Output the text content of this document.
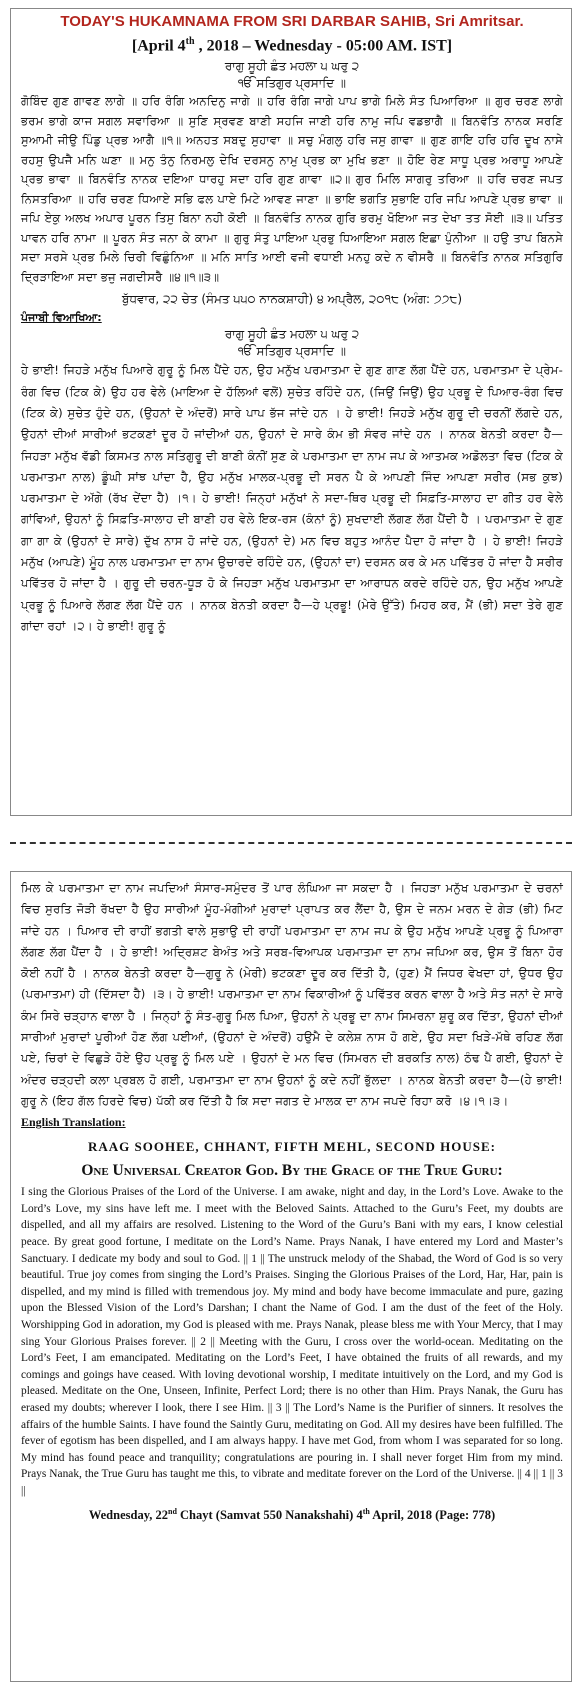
TODAY'S HUKAMNAMA FROM SRI DARBAR SAHIB, Sri Amritsar.
[April 4th , 2018 – Wednesday - 05:00 AM. IST]
ਰਾਗੁ ਸੂਹੀ ਛੰਤ ਮਹਲਾ ੫ ਘਰੁ ੨
ੴ ਸਤਿਗੁਰ ਪ੍ਰਸਾਦਿ ॥
ਗੋਬਿੰਦ ਗੁਣ ਗਾਵਣ ਲਾਗੇ ॥ ਹਰਿ ਰੰਗਿ ਅਨਦਿਨੁ ਜਾਗੇ ॥ ਹਰਿ ਰੰਗਿ ਜਾਗੇ ਪਾਪ ਭਾਗੇ ਮਿਲੇ ਸੰਤ ਪਿਆਰਿਆ ॥ ਗੁਰ ਚਰਣ ਲਾਗੇ ਭਰਮ ਭਾਗੇ ਕਾਜ ਸਗਲ ਸਵਾਰਿਆ ॥ ਸੁਣਿ ਸ੍ਰਵਣ ਬਾਣੀ ਸਹਜਿ ਜਾਣੀ ਹਰਿ ਨਾਮੁ ਜਪਿ ਵਡਭਾਗੈ ॥ ਬਿਨਵੰਤਿ ਨਾਨਕ ਸਰਣਿ ਸੁਆਮੀ ਜੀਉ ਪਿੰਡੁ ਪ੍ਰਭ ਆਗੈ ॥੧॥ ਅਨਹਤ ਸਬਦੁ ਸੁਹਾਵਾ ॥ ਸਚੁ ਮੰਗਲੁ ਹਰਿ ਜਸੁ ਗਾਵਾ ॥ ਗੁਣ ਗਾਇ ਹਰਿ ਹਰਿ ਦੂਖ ਨਾਸੇ ਰਹਸੁ ਉਪਜੈ ਮਨਿ ਘਣਾ ॥ ਮਨੁ ਤੰਨੁ ਨਿਰਮਲੁ ਦੇਖਿ ਦਰਸਨੁ ਨਾਮੁ ਪ੍ਰਭ ਕਾ ਮੁਖਿ ਭਣਾ ॥ ਹੋਇ ਰੇਣ ਸਾਧੂ ਪ੍ਰਭ ਅਰਾਧੂ ਆਪਣੇ ਪ੍ਰਭ ਭਾਵਾ ॥ ਬਿਨਵੰਤਿ ਨਾਨਕ ਦਇਆ ਧਾਰਹੁ ਸਦਾ ਹਰਿ ਗੁਣ ਗਾਵਾ ॥੨॥ ਗੁਰ ਮਿਲਿ ਸਾਗਰੁ ਤਰਿਆ ॥ ਹਰਿ ਚਰਣ ਜਪਤ ਨਿਸਤਰਿਆ ॥ ਹਰਿ ਚਰਣ ਧਿਆਏ ਸਭਿ ਫਲ ਪਾਏ ਮਿਟੇ ਆਵਣ ਜਾਣਾ ॥ ਭਾਇ ਭਗਤਿ ਸੁਭਾਇ ਹਰਿ ਜਪਿ ਆਪਣੇ ਪ੍ਰਭ ਭਾਵਾ ॥ ਜਪਿ ਏਕੁ ਅਲਖ ਅਪਾਰ ਪੂਰਨ ਤਿਸੁ ਬਿਨਾ ਨਹੀ ਕੋਈ ॥ ਬਿਨਵੰਤਿ ਨਾਨਕ ਗੁਰਿ ਭਰਮੁ ਖੋਇਆ ਜਤ ਦੇਖਾ ਤਤ ਸੋਈ ॥੩॥ ਪਤਿਤ ਪਾਵਨ ਹਰਿ ਨਾਮਾ ॥ ਪੂਰਨ ਸੰਤ ਜਨਾ ਕੇ ਕਾਮਾ ॥ ਗੁਰੁ ਸੰਤੁ ਪਾਇਆ ਪ੍ਰਭੁ ਧਿਆਇਆ ਸਗਲ ਇਛਾ ਪੁੰਨੀਆ ॥ ਹਉ ਤਾਪ ਬਿਨਸੇ ਸਦਾ ਸਰਸੇ ਪ੍ਰਭ ਮਿਲੇ ਚਿਰੀ ਵਿਛੁੰਨਿਆ ॥ ਮਨਿ ਸਾਤਿ ਆਈ ਵਜੀ ਵਧਾਈ ਮਨਹੁ ਕਦੇ ਨ ਵੀਸਰੈ ॥ ਬਿਨਵੰਤਿ ਨਾਨਕ ਸਤਿਗੁਰਿ ਦ੍ਰਿੜਾਇਆ ਸਦਾ ਭਜੁ ਜਗਦੀਸਰੈ ॥੪॥੧॥੩॥
ਬੁੱਧਵਾਰ, ੨੨ ਚੇਤ (ਸੰਮਤ ੫੫੦ ਨਾਨਕਸ਼ਾਹੀ) ੪ ਅਪ੍ਰੈਲ, ੨੦੧੮ (ਅੰਗ: ੭੭੮)
ਪੰਜਾਬੀ ਵਿਆਖਿਆ:
ਰਾਗੁ ਸੂਹੀ ਛੰਤ ਮਹਲਾ ੫ ਘਰੁ ੨
ੴ ਸਤਿਗੁਰ ਪ੍ਰਸਾਦਿ ॥
ਹੇ ਭਾਈ! ਜਿਹੜੇ ਮਨੁੱਖ ਪਿਆਰੇ ਗੁਰੂ ਨੂੰ ਮਿਲ ਪੈਂਦੇ ਹਨ, ਉਹ ਮਨੁੱਖ ਪਰਮਾਤਮਾ ਦੇ ਗੁਣ ਗਾਣ ਲੱਗ ਪੈਂਦੇ ਹਨ, ਪਰਮਾਤਮਾ ਦੇ ਪ੍ਰੇਮ-ਰੰਗ ਵਿਚ (ਟਿਕ ਕੇ) ਉਹ ਹਰ ਵੇਲੇ (ਮਾਇਆ ਦੇ ਹੱਲਿਆਂ ਵਲੋਂ) ਸੁਚੇਤ ਰਹਿੰਦੇ ਹਨ, (ਜਿਉਂ ਜਿਉਂ) ਉਹ ਪ੍ਰਭੂ ਦੇ ਪਿਆਰ-ਰੰਗ ਵਿਚ (ਟਿਕ ਕੇ) ਸੁਚੇਤ ਹੁੰਦੇ ਹਨ, (ਉਹਨਾਂ ਦੇ ਅੰਦਰੋਂ) ਸਾਰੇ ਪਾਪ ਭੱਜ ਜਾਂਦੇ ਹਨ । ਹੇ ਭਾਈ! ਜਿਹੜੇ ਮਨੁੱਖ ਗੁਰੂ ਦੀ ਚਰਨੀਂ ਲੱਗਦੇ ਹਨ, ਉਹਨਾਂ ਦੀਆਂ ਸਾਰੀਆਂ ਭਟਕਣਾਂ ਦੂਰ ਹੋ ਜਾਂਦੀਆਂ ਹਨ, ਉਹਨਾਂ ਦੇ ਸਾਰੇ ਕੰਮ ਭੀ ਸੰਵਰ ਜਾਂਦੇ ਹਨ । ਨਾਨਕ ਬੇਨਤੀ ਕਰਦਾ ਹੈ—ਜਿਹੜਾ ਮਨੁੱਖ ਵੱਡੀ ਕਿਸਮਤ ਨਾਲ ਸਤਿਗੁਰੂ ਦੀ ਬਾਣੀ ਕੰਨੀਂ ਸੁਣ ਕੇ ਪਰਮਾਤਮਾ ਦਾ ਨਾਮ ਜਪ ਕੇ ਆਤਮਕ ਅਡੋਲਤਾ ਵਿਚ (ਟਿਕ ਕੇ ਪਰਮਾਤਮਾ ਨਾਲ) ਡੂੰਘੀ ਸਾਂਝ ਪਾਂਦਾ ਹੈ, ਉਹ ਮਨੁੱਖ ਮਾਲਕ-ਪ੍ਰਭੂ ਦੀ ਸਰਨ ਪੈ ਕੇ ਆਪਣੀ ਜਿੰਦ ਆਪਣਾ ਸਰੀਰ (ਸਭ ਕੁਝ) ਪਰਮਾਤਮਾ ਦੇ ਅੱਗੇ (ਰੱਖ ਦੇਂਦਾ ਹੈ) ।੧। ਹੇ ਭਾਈ! ਜਿਨ੍ਹਾਂ ਮਨੁੱਖਾਂ ਨੇ ਸਦਾ-ਥਿਰ ਪ੍ਰਭੂ ਦੀ ਸਿਫ਼ਤਿ-ਸਾਲਾਹ ਦਾ ਗੀਤ ਹਰ ਵੇਲੇ ਗਾਂਵਿਆਂ, ਉਹਨਾਂ ਨੂੰ ਸਿਫ਼ਤਿ-ਸਾਲਾਹ ਦੀ ਬਾਣੀ ਹਰ ਵੇਲੇ ਇਕ-ਰਸ (ਕੰਨਾਂ ਨੂੰ) ਸੁਖਦਾਈ ਲੱਗਣ ਲੱਗ ਪੈਂਦੀ ਹੈ । ਪਰਮਾਤਮਾ ਦੇ ਗੁਣ ਗਾ ਗਾ ਕੇ (ਉਹਨਾਂ ਦੇ ਸਾਰੇ) ਦੁੱਖ ਨਾਸ ਹੋ ਜਾਂਦੇ ਹਨ, (ਉਹਨਾਂ ਦੇ) ਮਨ ਵਿਚ ਬਹੁਤ ਆਨੰਦ ਪੈਦਾ ਹੋ ਜਾਂਦਾ ਹੈ । ਹੇ ਭਾਈ! ਜਿਹੜੇ ਮਨੁੱਖ (ਆਪਣੇ) ਮੂੰਹ ਨਾਲ ਪਰਮਾਤਮਾ ਦਾ ਨਾਮ ਉਚਾਰਦੇ ਰਹਿੰਦੇ ਹਨ, (ਉਹਨਾਂ ਦਾ) ਦਰਸਨ ਕਰ ਕੇ ਮਨ ਪਵਿੱਤਰ ਹੋ ਜਾਂਦਾ ਹੈ ਸਰੀਰ ਪਵਿੱਤਰ ਹੋ ਜਾਂਦਾ ਹੈ । ਗੁਰੂ ਦੀ ਚਰਨ-ਧੂੜ ਹੋ ਕੇ ਜਿਹੜਾ ਮਨੁੱਖ ਪਰਮਾਤਮਾ ਦਾ ਆਰਾਧਨ ਕਰਦੇ ਰਹਿੰਦੇ ਹਨ, ਉਹ ਮਨੁੱਖ ਆਪਣੇ ਪ੍ਰਭੂ ਨੂੰ ਪਿਆਰੇ ਲੱਗਣ ਲੱਗ ਪੈਂਦੇ ਹਨ । ਨਾਨਕ ਬੇਨਤੀ ਕਰਦਾ ਹੈ—ਹੇ ਪ੍ਰਭੂ! (ਮੇਰੇ ਉੱਤੇ) ਮਿਹਰ ਕਰ, ਮੈਂ (ਭੀ) ਸਦਾ ਤੇਰੇ ਗੁਣ ਗਾਂਦਾ ਰਹਾਂ ।੨। ਹੇ ਭਾਈ! ਗੁਰੂ ਨੂੰ
ਮਿਲ ਕੇ ਪਰਮਾਤਮਾ ਦਾ ਨਾਮ ਜਪਦਿਆਂ ਸੰਸਾਰ-ਸਮੁੰਦਰ ਤੋਂ ਪਾਰ ਲੰਘਿਆ ਜਾ ਸਕਦਾ ਹੈ । ਜਿਹੜਾ ਮਨੁੱਖ ਪਰਮਾਤਮਾ ਦੇ ਚਰਨਾਂ ਵਿਚ ਸੁਰਤਿ ਜੋੜੀ ਰੱਖਦਾ ਹੈ ਉਹ ਸਾਰੀਆਂ ਮੂੰਹ-ਮੰਗੀਆਂ ਮੁਰਾਦਾਂ ਪ੍ਰਾਪਤ ਕਰ ਲੈਂਦਾ ਹੈ, ਉਸ ਦੇ ਜਨਮ ਮਰਨ ਦੇ ਗੇੜ (ਭੀ) ਮਿਟ ਜਾਂਦੇ ਹਨ । ਪਿਆਰ ਦੀ ਰਾਹੀਂ ਭਗਤੀ ਵਾਲੇ ਸੁਭਾਉ ਦੀ ਰਾਹੀਂ ਪਰਮਾਤਮਾ ਦਾ ਨਾਮ ਜਪ ਕੇ ਉਹ ਮਨੁੱਖ ਆਪਣੇ ਪ੍ਰਭੂ ਨੂੰ ਪਿਆਰਾ ਲੱਗਣ ਲੱਗ ਪੈਂਦਾ ਹੈ । ਹੇ ਭਾਈ! ਅਦ੍ਰਿਸ਼ਟ ਬੇਅੰਤ ਅਤੇ ਸਰਬ-ਵਿਆਪਕ ਪਰਮਾਤਮਾ ਦਾ ਨਾਮ ਜਪਿਆ ਕਰ, ਉਸ ਤੋਂ ਬਿਨਾ ਹੋਰ ਕੋਈ ਨਹੀਂ ਹੈ । ਨਾਨਕ ਬੇਨਤੀ ਕਰਦਾ ਹੈ—ਗੁਰੂ ਨੇ (ਮੇਰੀ) ਭਟਕਣਾ ਦੂਰ ਕਰ ਦਿੱਤੀ ਹੈ, (ਹੁਣ) ਮੈਂ ਜਿਧਰ ਵੇਖਦਾ ਹਾਂ, ਉਧਰ ਉਹ (ਪਰਮਾਤਮਾ) ਹੀ (ਦਿੱਸਦਾ ਹੈ) ।੩। ਹੇ ਭਾਈ! ਪਰਮਾਤਮਾ ਦਾ ਨਾਮ ਵਿਕਾਰੀਆਂ ਨੂੰ ਪਵਿੱਤਰ ਕਰਨ ਵਾਲਾ ਹੈ ਅਤੇ ਸੰਤ ਜਨਾਂ ਦੇ ਸਾਰੇ ਕੰਮ ਸਿਰੇ ਚੜ੍ਹਾਨ ਵਾਲਾ ਹੈ । ਜਿਨ੍ਹਾਂ ਨੂੰ ਸੰਤ-ਗੁਰੂ ਮਿਲ ਪਿਆ, ਉਹਨਾਂ ਨੇ ਪ੍ਰਭੂ ਦਾ ਨਾਮ ਸਿਮਰਨਾ ਸ਼ੁਰੂ ਕਰ ਦਿੱਤਾ, ਉਹਨਾਂ ਦੀਆਂ ਸਾਰੀਆਂ ਮੁਰਾਦਾਂ ਪੂਰੀਆਂ ਹੋਣ ਲੱਗ ਪਈਆਂ, (ਉਹਨਾਂ ਦੇ ਅੰਦਰੋਂ) ਹਉਮੈ ਦੇ ਕਲੇਸ਼ ਨਾਸ ਹੋ ਗਏ, ਉਹ ਸਦਾ ਖਿੜੇ-ਮੱਥੇ ਰਹਿਣ ਲੱਗ ਪਏ, ਚਿਰਾਂ ਦੇ ਵਿਛੁੜੇ ਹੋਏ ਉਹ ਪ੍ਰਭੂ ਨੂੰ ਮਿਲ ਪਏ । ਉਹਨਾਂ ਦੇ ਮਨ ਵਿਚ (ਸਿਮਰਨ ਦੀ ਬਰਕਤਿ ਨਾਲ) ਠੰਢ ਪੈ ਗਈ, ਉਹਨਾਂ ਦੇ ਅੰਦਰ ਚੜ੍ਹਦੀ ਕਲਾ ਪ੍ਰਬਲ ਹੋ ਗਈ, ਪਰਮਾਤਮਾ ਦਾ ਨਾਮ ਉਹਨਾਂ ਨੂੰ ਕਦੇ ਨਹੀਂ ਭੁੱਲਦਾ । ਨਾਨਕ ਬੇਨਤੀ ਕਰਦਾ ਹੈ—(ਹੇ ਭਾਈ! ਗੁਰੂ ਨੇ (ਇਹ ਗੱਲ ਹਿਰਦੇ ਵਿਚ) ਪੱਕੀ ਕਰ ਦਿੱਤੀ ਹੈ ਕਿ ਸਦਾ ਜਗਤ ਦੇ ਮਾਲਕ ਦਾ ਨਾਮ ਜਪਦੇ ਰਿਹਾ ਕਰੋ ।੪।੧।੩।
English Translation:
RAAG SOOHEE, CHHANT, FIFTH MEHL, SECOND HOUSE:
One Universal Creator God. By the Grace of the True Guru:
I sing the Glorious Praises of the Lord of the Universe. I am awake, night and day, in the Lord’s Love. Awake to the Lord’s Love, my sins have left me. I meet with the Beloved Saints. Attached to the Guru’s Feet, my doubts are dispelled, and all my affairs are resolved. Listening to the Word of the Guru’s Bani with my ears, I know celestial peace. By great good fortune, I meditate on the Lord’s Name. Prays Nanak, I have entered my Lord and Master’s Sanctuary. I dedicate my body and soul to God. || 1 || The unstruck melody of the Shabad, the Word of God is so very beautiful. True joy comes from singing the Lord’s Praises. Singing the Glorious Praises of the Lord, Har, Har, pain is dispelled, and my mind is filled with tremendous joy. My mind and body have become immaculate and pure, gazing upon the Blessed Vision of the Lord’s Darshan; I chant the Name of God. I am the dust of the feet of the Holy. Worshipping God in adoration, my God is pleased with me. Prays Nanak, please bless me with Your Mercy, that I may sing Your Glorious Praises forever. || 2 || Meeting with the Guru, I cross over the world-ocean. Meditating on the Lord’s Feet, I am emancipated. Meditating on the Lord’s Feet, I have obtained the fruits of all rewards, and my comings and goings have ceased. With loving devotional worship, I meditate intuitively on the Lord, and my God is pleased. Meditate on the One, Unseen, Infinite, Perfect Lord; there is no other than Him. Prays Nanak, the Guru has erased my doubts; wherever I look, there I see Him. || 3 || The Lord’s Name is the Purifier of sinners. It resolves the affairs of the humble Saints. I have found the Saintly Guru, meditating on God. All my desires have been fulfilled. The fever of egotism has been dispelled, and I am always happy. I have met God, from whom I was separated for so long. My mind has found peace and tranquility; congratulations are pouring in. I shall never forget Him from my mind. Prays Nanak, the True Guru has taught me this, to vibrate and meditate forever on the Lord of the Universe. || 4 || 1 || 3 ||
Wednesday, 22nd Chayt (Samvat 550 Nanakshahi) 4th April, 2018 (Page: 778)
